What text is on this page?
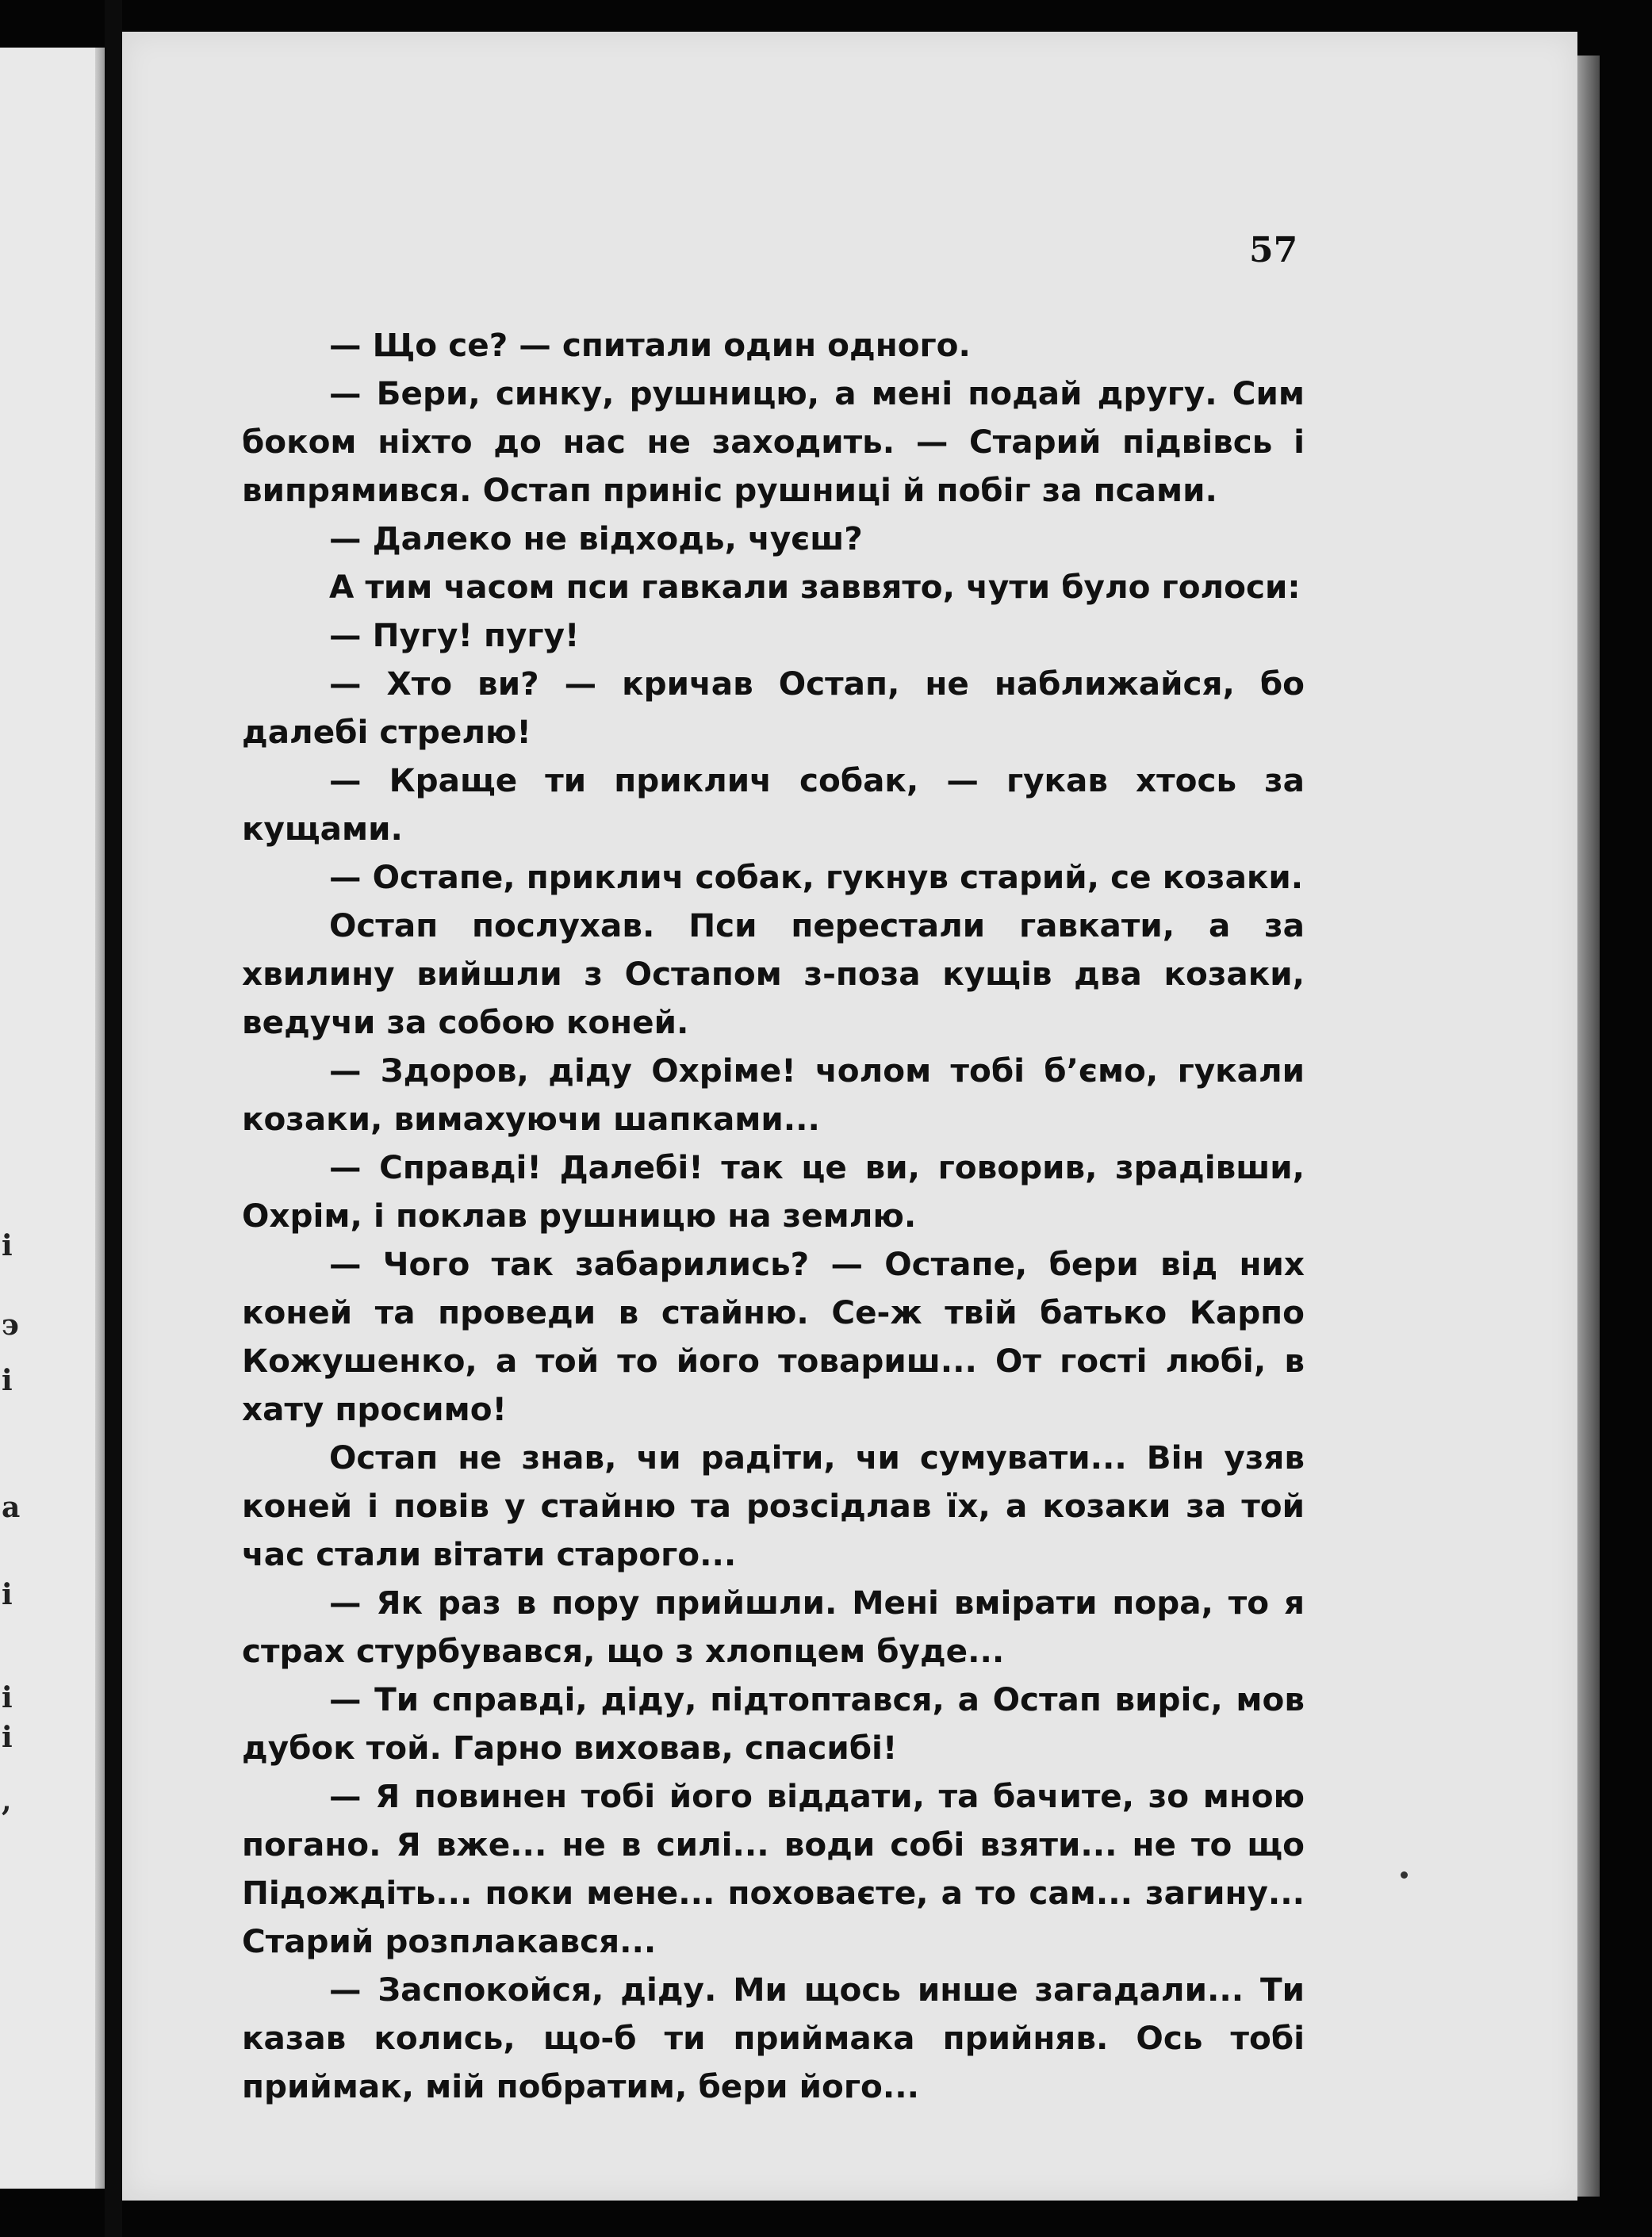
і
э
і
а
і
і
і
,
57

— Що се? — спитали один одного.

— Бери, синку, рушницю, а мені подай другу. Сим боком ніхто до нас не заходить. — Старий підвівсь і випрямився. Остап приніс рушниці й побіг за псами.

— Далеко не відходь, чуєш?

А тим часом пси гавкали заввято, чути було голоси:

— Пугу! пугу!

— Хто ви? — кричав Остап, не наближайся, бо далебі стрелю!

— Краще ти приклич собак, — гукав хтось за кущами.

— Остапе, приклич собак, гукнув старий, се козаки.

Остап послухав. Пси перестали гавкати, а за хвилину вийшли з Остапом з-поза кущів два козаки, ведучи за собою коней.

— Здоров, діду Охріме! чолом тобі б’ємо, гукали козаки, вимахуючи шапками...

— Справді! Далебі! так це ви, говорив, зрадівши, Охрім, і поклав рушницю на землю.

— Чого так забарились? — Остапе, бери від них коней та проведи в стайню. Се-ж твій батько Карпо Кожушенко, а той то його товариш... От гості любі, в хату просимо!

Остап не знав, чи радіти, чи сумувати... Він узяв коней і повів у стайню та розсідлав їх, а козаки за той час стали вітати старого...

— Як раз в пору прийшли. Мені вмірати пора, то я страх стурбувався, що з хлопцем буде...

— Ти справді, діду, підтоптався, а Остап виріс, мов дубок той. Гарно виховав, спасибі!

— Я повинен тобі його віддати, та бачите, зо мною погано. Я вже... не в силі... води собі взяти... не то що Підождіть... поки мене... поховаєте, а то сам... загину... Старий розплакався...

— Заспокойся, діду. Ми щось инше загадали... Ти казав колись, що-б ти приймака прийняв. Ось тобі приймак, мій побратим, бери його...
